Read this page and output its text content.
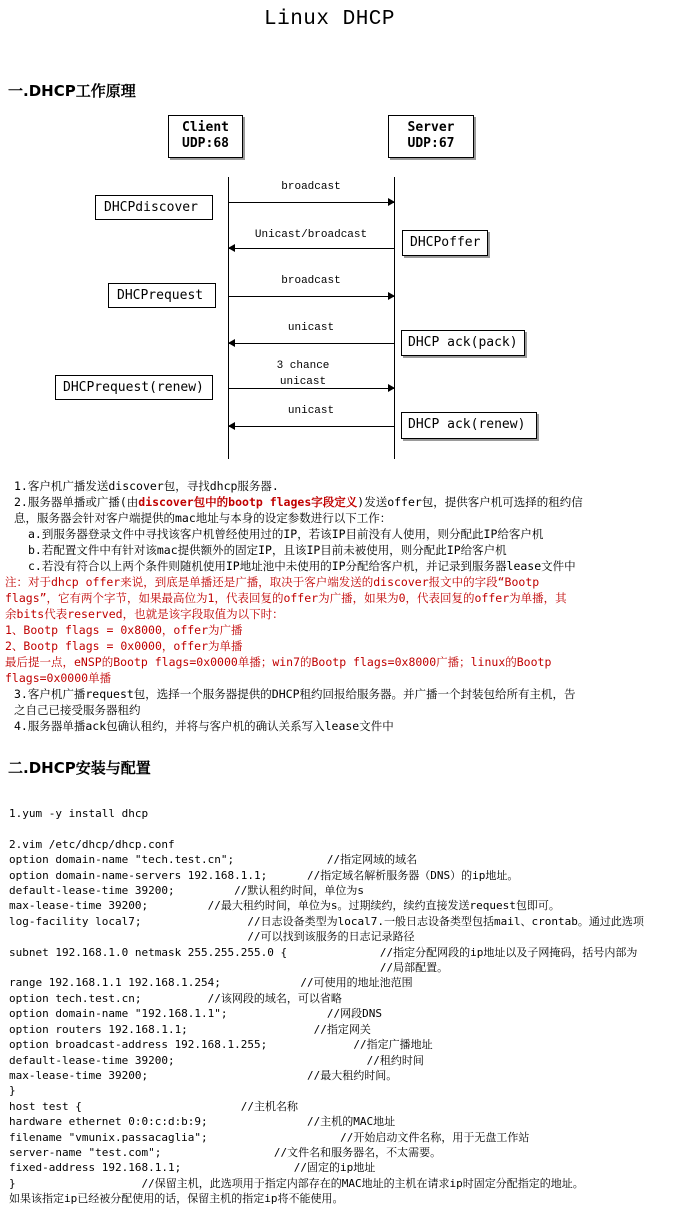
Linux DHCP
一.DHCP工作原理
Client
UDP:68
Server
UDP:67
DHCPdiscover
DHCPrequest
DHCPrequest(renew)
DHCPoffer
DHCP ack(pack)
DHCP ack(renew)
broadcast
Unicast/broadcast
broadcast
unicast
3 chance
unicast
unicast

1.客户机广播发送discover包，寻找dhcp服务器.

2.服务器单播或广播(由discover包中的bootp flages字段定义)发送offer包，提供客户机可选择的租约信

息，服务器会针对客户端提供的mac地址与本身的设定参数进行以下工作：

a.到服务器登录文件中寻找该客户机曾经使用过的IP，若该IP目前没有人使用，则分配此IP给客户机

b.若配置文件中有针对该mac提供额外的固定IP，且该IP目前未被使用，则分配此IP给客户机

c.若没有符合以上两个条件则随机使用IP地址池中未使用的IP分配给客户机，并记录到服务器lease文件中

注：对于dhcp offer来说，到底是单播还是广播，取决于客户端发送的discover报文中的字段“Bootp

flags”，它有两个字节，如果最高位为1，代表回复的offer为广播，如果为0，代表回复的offer为单播，其

余bits代表reserved，也就是该字段取值为以下时：

1、Bootp flags = 0x8000，offer为广播

2、Bootp flags = 0x0000，offer为单播

最后提一点，eNSP的Bootp flags=0x0000单播；win7的Bootp flags=0x8000广播；linux的Bootp

flags=0x0000单播

3.客户机广播request包，选择一个服务器提供的DHCP租约回报给服务器。并广播一个封装包给所有主机，告

之自己已接受服务器租约

4.服务器单播ack包确认租约，并将与客户机的确认关系写入lease文件中

二.DHCP安装与配置

1.yum -y install dhcp

2.vim /etc/dhcp/dhcp.conf

option domain-name "tech.test.cn";              //指定网域的域名

option domain-name-servers 192.168.1.1;      //指定域名解析服务器（DNS）的ip地址。

default-lease-time 39200;         //默认租约时间，单位为s

max-lease-time 39200;         //最大租约时间，单位为s。过期续约，续约直接发送request包即可。

log-facility local7;                //日志设备类型为local7.一般日志设备类型包括mail、crontab。通过此选项

//可以找到该服务的日志记录路径

subnet 192.168.1.0 netmask 255.255.255.0 {              //指定分配网段的ip地址以及子网掩码，括号内部为

//局部配置。

range 192.168.1.1 192.168.1.254;            //可使用的地址池范围

option tech.test.cn;          //该网段的域名，可以省略

option domain-name "192.168.1.1";               //网段DNS

option routers 192.168.1.1;                   //指定网关

option broadcast-address 192.168.1.255;             //指定广播地址

default-lease-time 39200;                             //租约时间

max-lease-time 39200;                        //最大租约时间。

}

host test {                        //主机名称

hardware ethernet 0:0:c:d:b:9;               //主机的MAC地址

filename "vmunix.passacaglia";                    //开始启动文件名称，用于无盘工作站

server-name "test.com";                 //文件名和服务器名，不太需要。

fixed-address 192.168.1.1;                 //固定的ip地址

}                   //保留主机，此选项用于指定内部存在的MAC地址的主机在请求ip时固定分配指定的地址。

如果该指定ip已经被分配使用的话，保留主机的指定ip将不能使用。
